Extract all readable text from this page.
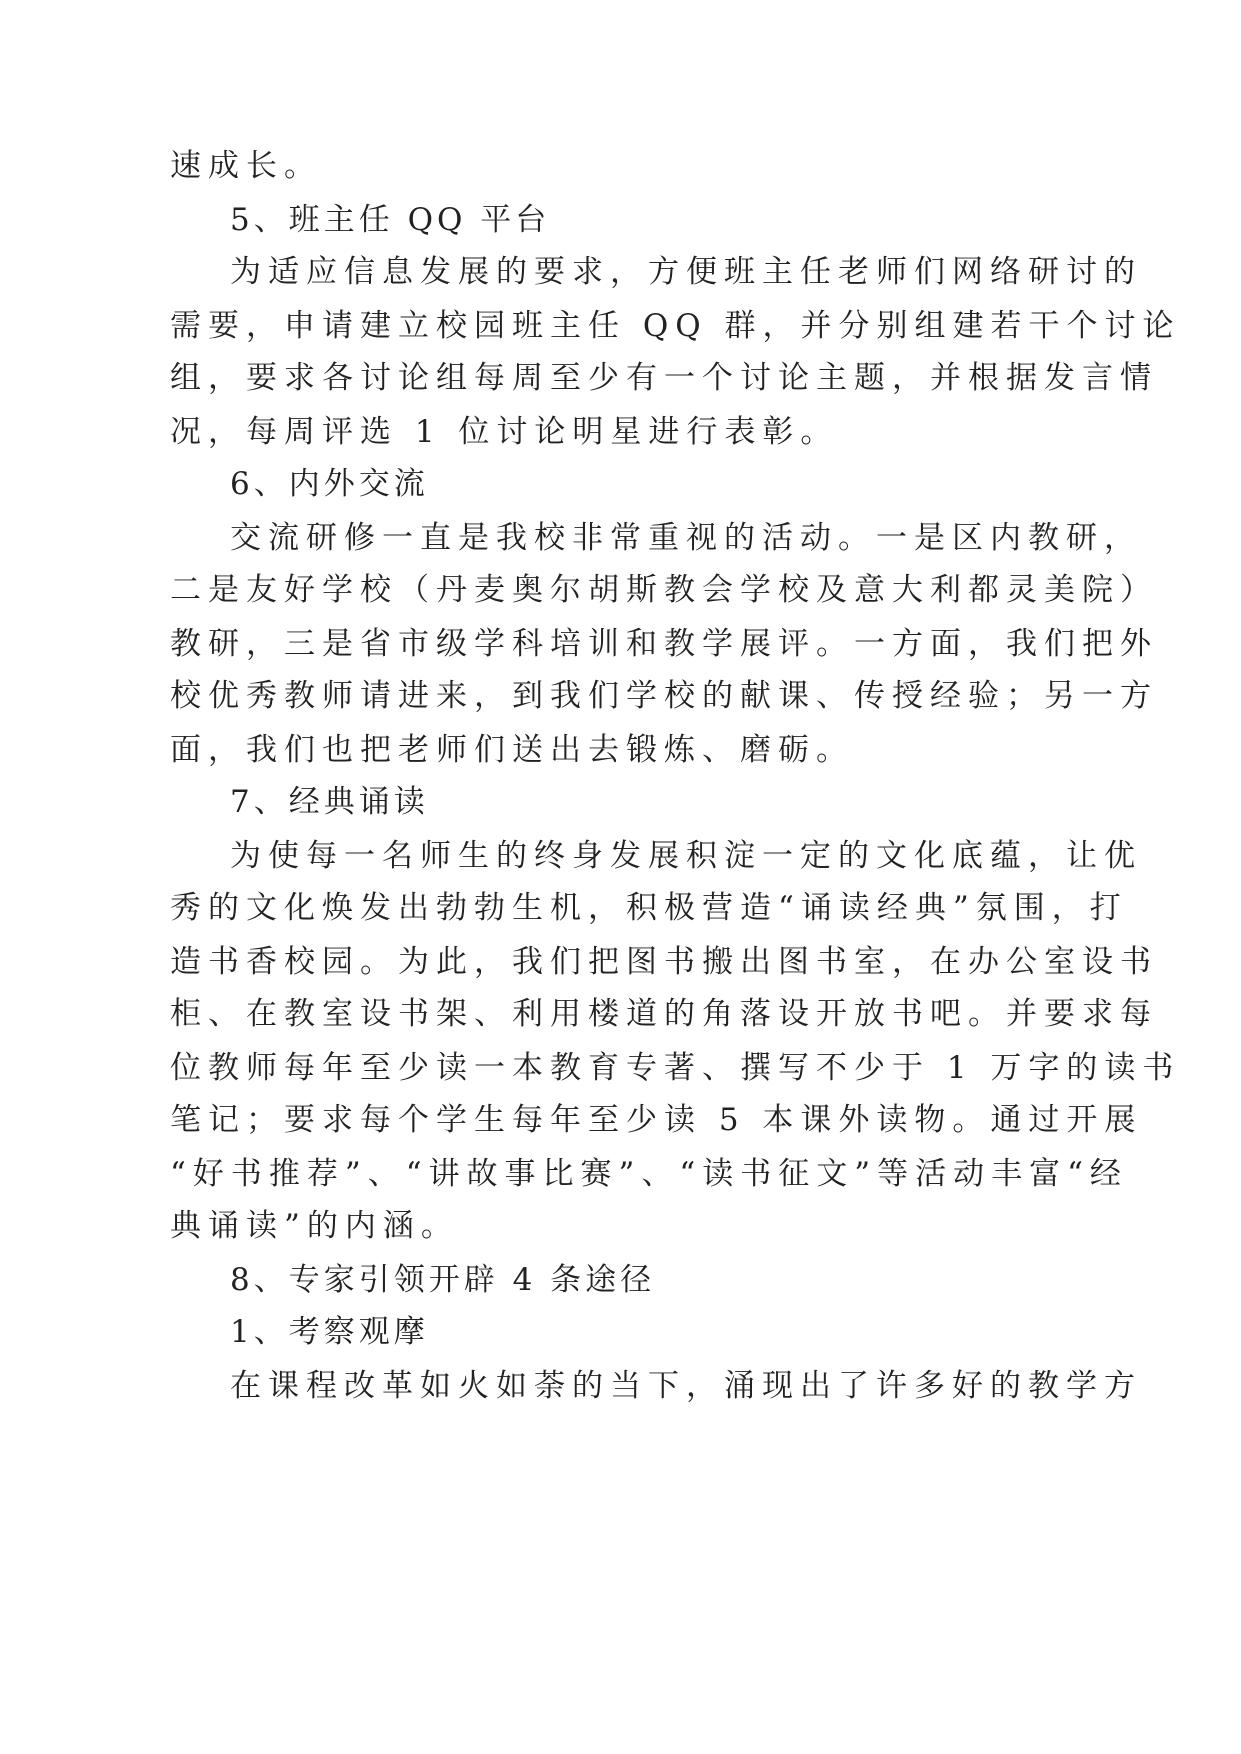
速成长。
5、班主任 QQ 平台
为适应信息发展的要求，方便班主任老师们网络研讨的
需要，申请建立校园班主任 QQ 群，并分别组建若干个讨论
组，要求各讨论组每周至少有一个讨论主题，并根据发言情
况，每周评选 1 位讨论明星进行表彰。
6、内外交流
交流研修一直是我校非常重视的活动。一是区内教研，
二是友好学校（丹麦奥尔胡斯教会学校及意大利都灵美院）
教研，三是省市级学科培训和教学展评。一方面，我们把外
校优秀教师请进来，到我们学校的献课、传授经验；另一方
面，我们也把老师们送出去锻炼、磨砺。
7、经典诵读
为使每一名师生的终身发展积淀一定的文化底蕴，让优
秀的文化焕发出勃勃生机，积极营造“诵读经典”氛围，打
造书香校园。为此，我们把图书搬出图书室，在办公室设书
柜、在教室设书架、利用楼道的角落设开放书吧。并要求每
位教师每年至少读一本教育专著、撰写不少于 1 万字的读书
笔记；要求每个学生每年至少读 5 本课外读物。通过开展
“好书推荐”、“讲故事比赛”、“读书征文”等活动丰富“经
典诵读”的内涵。
8、专家引领开辟 4 条途径
1、考察观摩
在课程改革如火如荼的当下，涌现出了许多好的教学方
